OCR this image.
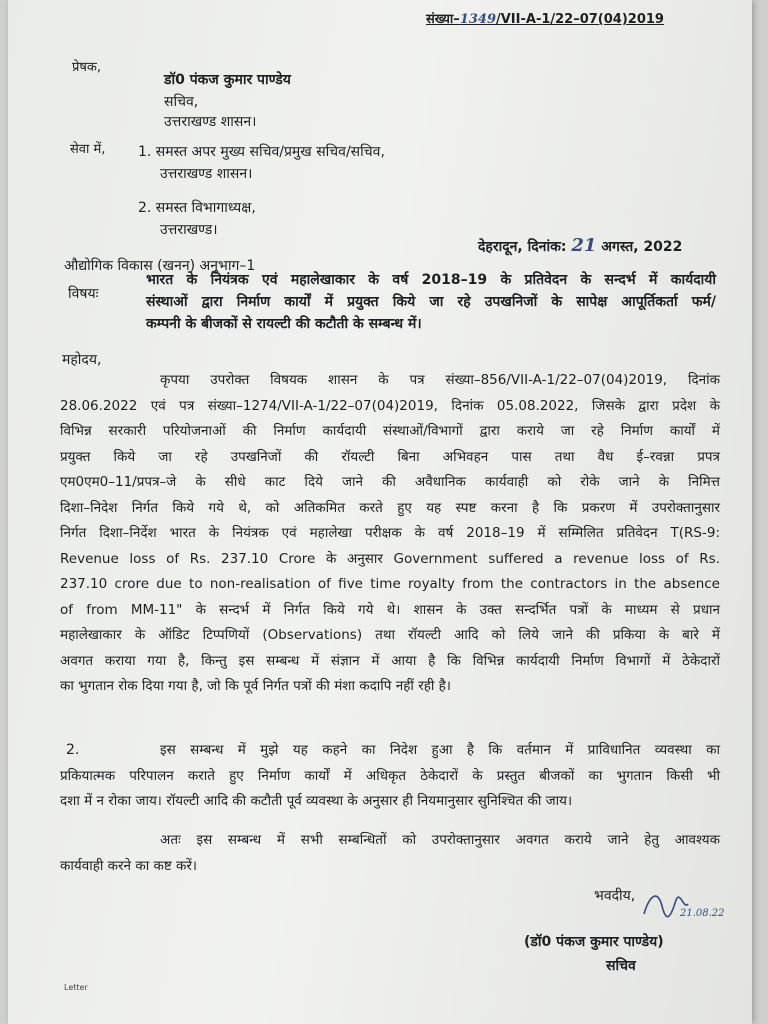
संख्या–1349/VII-A-1/22–07(04)2019
प्रेषक,
डॉ0 पंकज कुमार पाण्डेय
सचिव,
उत्तराखण्ड शासन।
सेवा में, 1. समस्त अपर मुख्य सचिव/प्रमुख सचिव/सचिव,
उत्तराखण्ड शासन।
2. समस्त विभागाध्यक्ष,
उत्तराखण्ड।
औद्योगिक विकास (खनन) अनुभाग–1
देहरादून, दिनांक: 21 अगस्त, 2022
विषयः
भारत के नियंत्रक एवं महालेखाकार के वर्ष 2018–19 के प्रतिवेदन के सन्दर्भ में कार्यदायी
संस्थाओं द्वारा निर्माण कार्यों में प्रयुक्त किये जा रहे उपखनिजों के सापेक्ष आपूर्तिकर्ता फर्म/
कम्पनी के बीजकों से रायल्टी की कटौती के सम्बन्ध में।
महोदय,
कृपया उपरोक्त विषयक शासन के पत्र संख्या–856/VII-A-1/22–07(04)2019, दिनांक
28.06.2022 एवं पत्र संख्या–1274/VII-A-1/22–07(04)2019, दिनांक 05.08.2022, जिसके द्वारा प्रदेश के
विभिन्न सरकारी परियोजनाओं की निर्माण कार्यदायी संस्थाओं/विभागों द्वारा कराये जा रहे निर्माण कार्यों में
प्रयुक्त किये जा रहे उपखनिजों की रॉयल्टी बिना अभिवहन पास तथा वैध ई–रवन्ना प्रपत्र
एम0एम0–11/प्रपत्र–जे के सीधे काट दिये जाने की अवैधानिक कार्यवाही को रोके जाने के निमित्त
दिशा–निदेश निर्गत किये गये थे, को अतिकमित करते हुए यह स्पष्ट करना है कि प्रकरण में उपरोक्तानुसार
निर्गत दिशा–निर्देश भारत के नियंत्रक एवं महालेखा परीक्षक के वर्ष 2018–19 में सम्मिलित प्रतिवेदन T(RS-9:
Revenue loss of Rs. 237.10 Crore के अनुसार Government suffered a revenue loss of Rs.
237.10 crore due to non-realisation of five time royalty from the contractors in the absence
of from MM-11" के सन्दर्भ में निर्गत किये गये थे। शासन के उक्त सन्दर्भित पत्रों के माध्यम से प्रधान
महालेखाकार के ऑडिट टिप्पणियों (Observations) तथा रॉयल्टी आदि को लिये जाने की प्रकिया के बारे में
अवगत कराया गया है, किन्तु इस सम्बन्ध में संज्ञान में आया है कि विभिन्न कार्यदायी निर्माण विभागों में ठेकेदारों
का भुगतान रोक दिया गया है, जो कि पूर्व निर्गत पत्रों की मंशा कदापि नहीं रही है।
2.	इस सम्बन्ध में मुझे यह कहने का निदेश हुआ है कि वर्तमान में प्राविधानित व्यवस्था का
प्रकियात्मक परिपालन कराते हुए निर्माण कार्यों में अधिकृत ठेकेदारों के प्रस्तुत बीजकों का भुगतान किसी भी
दशा में न रोका जाय। रॉयल्टी आदि की कटौती पूर्व व्यवस्था के अनुसार ही नियमानुसार सुनिश्चित की जाय।
अतः इस सम्बन्ध में सभी सम्बन्धितों को उपरोक्तानुसार अवगत कराये जाने हेतु आवश्यक
कार्यवाही करने का कष्ट करें।
भवदीय,
21.08.22
(डॉ0 पंकज कुमार पाण्डेय)
सचिव
Letter
